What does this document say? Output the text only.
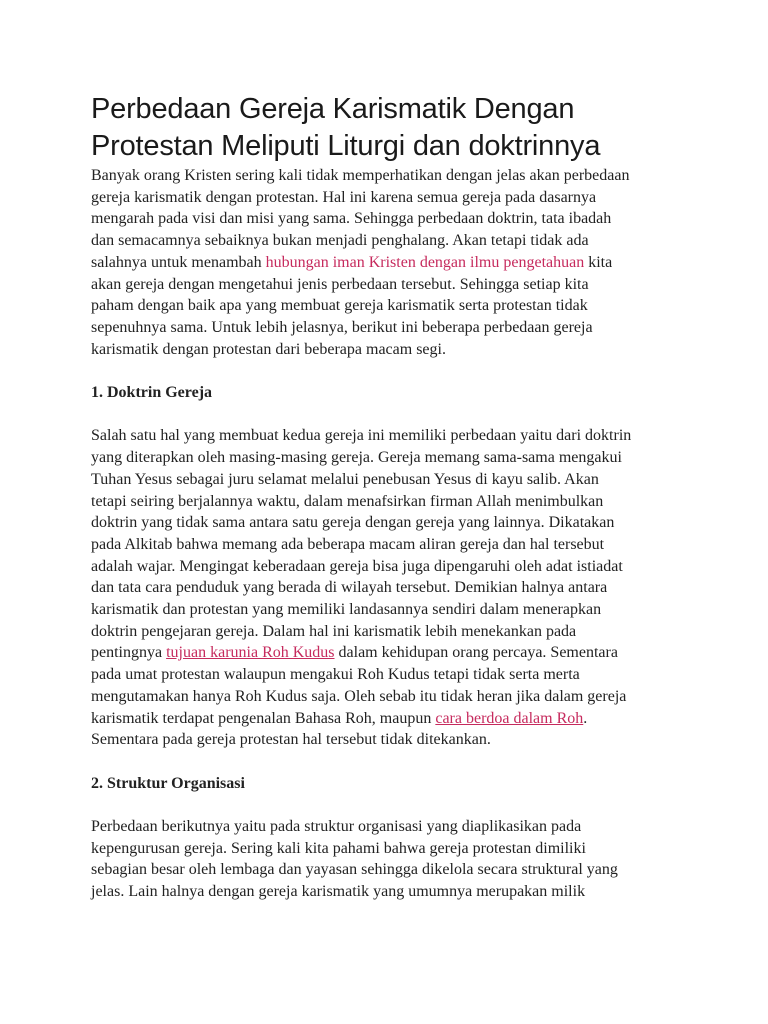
Perbedaan Gereja Karismatik Dengan
Protestan Meliputi Liturgi dan doktrinnya
Banyak orang Kristen sering kali tidak memperhatikan dengan jelas akan perbedaan
gereja karismatik dengan protestan. Hal ini karena semua gereja pada dasarnya
mengarah pada visi dan misi yang sama. Sehingga perbedaan doktrin, tata ibadah
dan semacamnya sebaiknya bukan menjadi penghalang. Akan tetapi tidak ada
salahnya untuk menambah hubungan iman Kristen dengan ilmu pengetahuan kita
akan gereja dengan mengetahui jenis perbedaan tersebut. Sehingga setiap kita
paham dengan baik apa yang membuat gereja karismatik serta protestan tidak
sepenuhnya sama. Untuk lebih jelasnya, berikut ini beberapa perbedaan gereja
karismatik dengan protestan dari beberapa macam segi.
1. Doktrin Gereja
Salah satu hal yang membuat kedua gereja ini memiliki perbedaan yaitu dari doktrin
yang diterapkan oleh masing-masing gereja. Gereja memang sama-sama mengakui
Tuhan Yesus sebagai juru selamat melalui penebusan Yesus di kayu salib. Akan
tetapi seiring berjalannya waktu, dalam menafsirkan firman Allah menimbulkan
doktrin yang tidak sama antara satu gereja dengan gereja yang lainnya. Dikatakan
pada Alkitab bahwa memang ada beberapa macam aliran gereja dan hal tersebut
adalah wajar. Mengingat keberadaan gereja bisa juga dipengaruhi oleh adat istiadat
dan tata cara penduduk yang berada di wilayah tersebut. Demikian halnya antara
karismatik dan protestan yang memiliki landasannya sendiri dalam menerapkan
doktrin pengejaran gereja. Dalam hal ini karismatik lebih menekankan pada
pentingnya tujuan karunia Roh Kudus dalam kehidupan orang percaya. Sementara
pada umat protestan walaupun mengakui Roh Kudus tetapi tidak serta merta
mengutamakan hanya Roh Kudus saja. Oleh sebab itu tidak heran jika dalam gereja
karismatik terdapat pengenalan Bahasa Roh, maupun cara berdoa dalam Roh.
Sementara pada gereja protestan hal tersebut tidak ditekankan.
2. Struktur Organisasi
Perbedaan berikutnya yaitu pada struktur organisasi yang diaplikasikan pada
kepengurusan gereja. Sering kali kita pahami bahwa gereja protestan dimiliki
sebagian besar oleh lembaga dan yayasan sehingga dikelola secara struktural yang
jelas. Lain halnya dengan gereja karismatik yang umumnya merupakan milik
